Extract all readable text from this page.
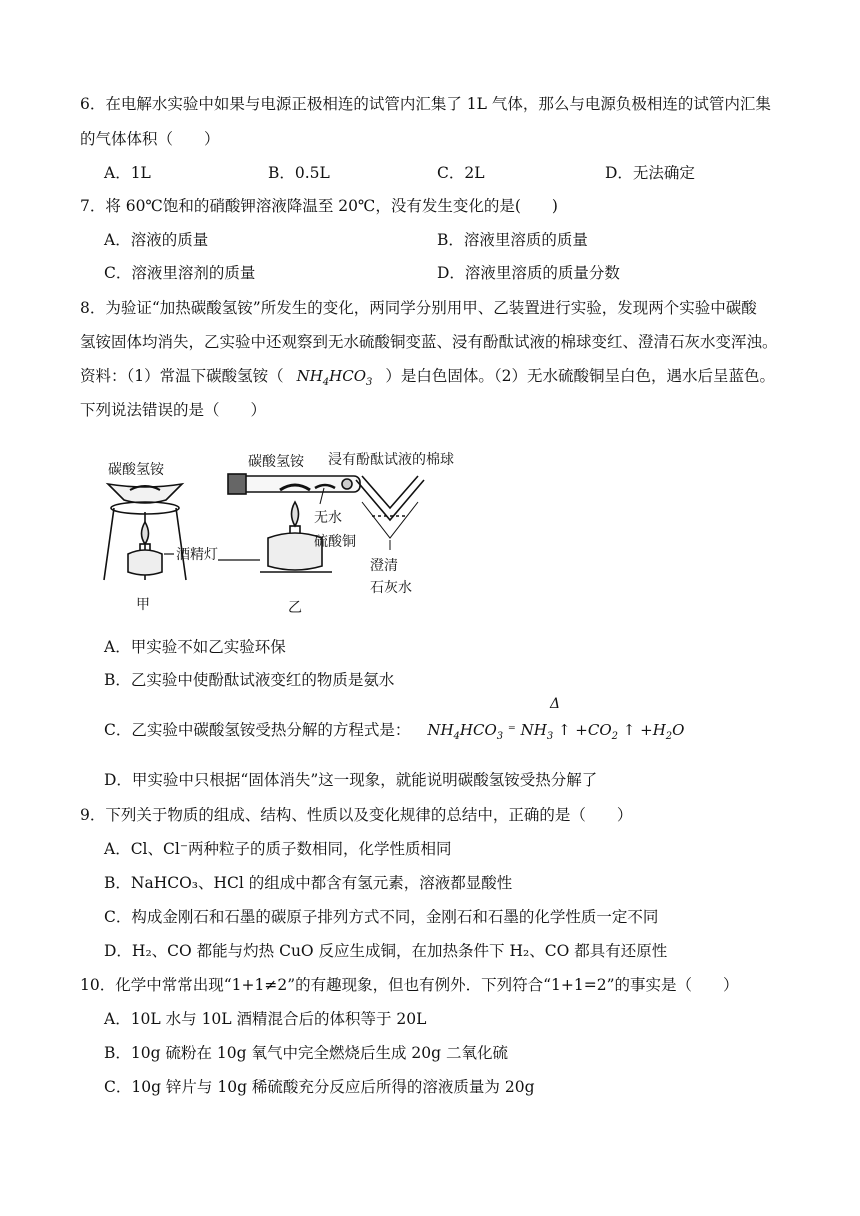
6．在电解水实验中如果与电源正极相连的试管内汇集了 1L 气体，那么与电源负极相连的试管内汇集
的气体体积（　　）
A．1L	B．0.5L	C．2L	D．无法确定
7．将 60℃饱和的硝酸钾溶液降温至 20℃，没有发生变化的是(　　)
A．溶液的质量	B．溶液里溶质的质量
C．溶液里溶剂的质量	D．溶液里溶质的质量分数
8．为验证“加热碳酸氢铵”所发生的变化，两同学分别用甲、乙装置进行实验，发现两个实验中碳酸
氢铵固体均消失，乙实验中还观察到无水硫酸铜变蓝、浸有酚酞试液的棉球变红、澄清石灰水变浑浊。
资料：（1）常温下碳酸氢铵（ $NH_4HCO_3$ ）是白色固体。（2）无水硫酸铜呈白色，遇水后呈蓝色。
下列说法错误的是（　　）
碳酸氢铵
酒精灯
甲
碳酸氢铵 浸有酚酞试液的棉球
无水
硫酸铜
澄清
石灰水
乙
A．甲实验不如乙实验环保
B．乙实验中使酚酞试液变红的物质是氨水
Δ
C．乙实验中碳酸氢铵受热分解的方程式是： $NH_4HCO_3$ ⁼ $NH_3$ ↑ $+CO_2$ ↑ $+H_2O$
D．甲实验中只根据“固体消失”这一现象，就能说明碳酸氢铵受热分解了
9．下列关于物质的组成、结构、性质以及变化规律的总结中，正确的是（　　）
A．Cl、Cl⁻两种粒子的质子数相同，化学性质相同
B．NaHCO₃、HCl 的组成中都含有氢元素，溶液都显酸性
C．构成金刚石和石墨的碳原子排列方式不同，金刚石和石墨的化学性质一定不同
D．H₂、CO 都能与灼热 CuO 反应生成铜，在加热条件下 H₂、CO 都具有还原性
10．化学中常常出现“1+1≠2”的有趣现象，但也有例外．下列符合“1+1=2”的事实是（　　）
A．10L 水与 10L 酒精混合后的体积等于 20L
B．10g 硫粉在 10g 氧气中完全燃烧后生成 20g 二氧化硫
C．10g 锌片与 10g 稀硫酸充分反应后所得的溶液质量为 20g
